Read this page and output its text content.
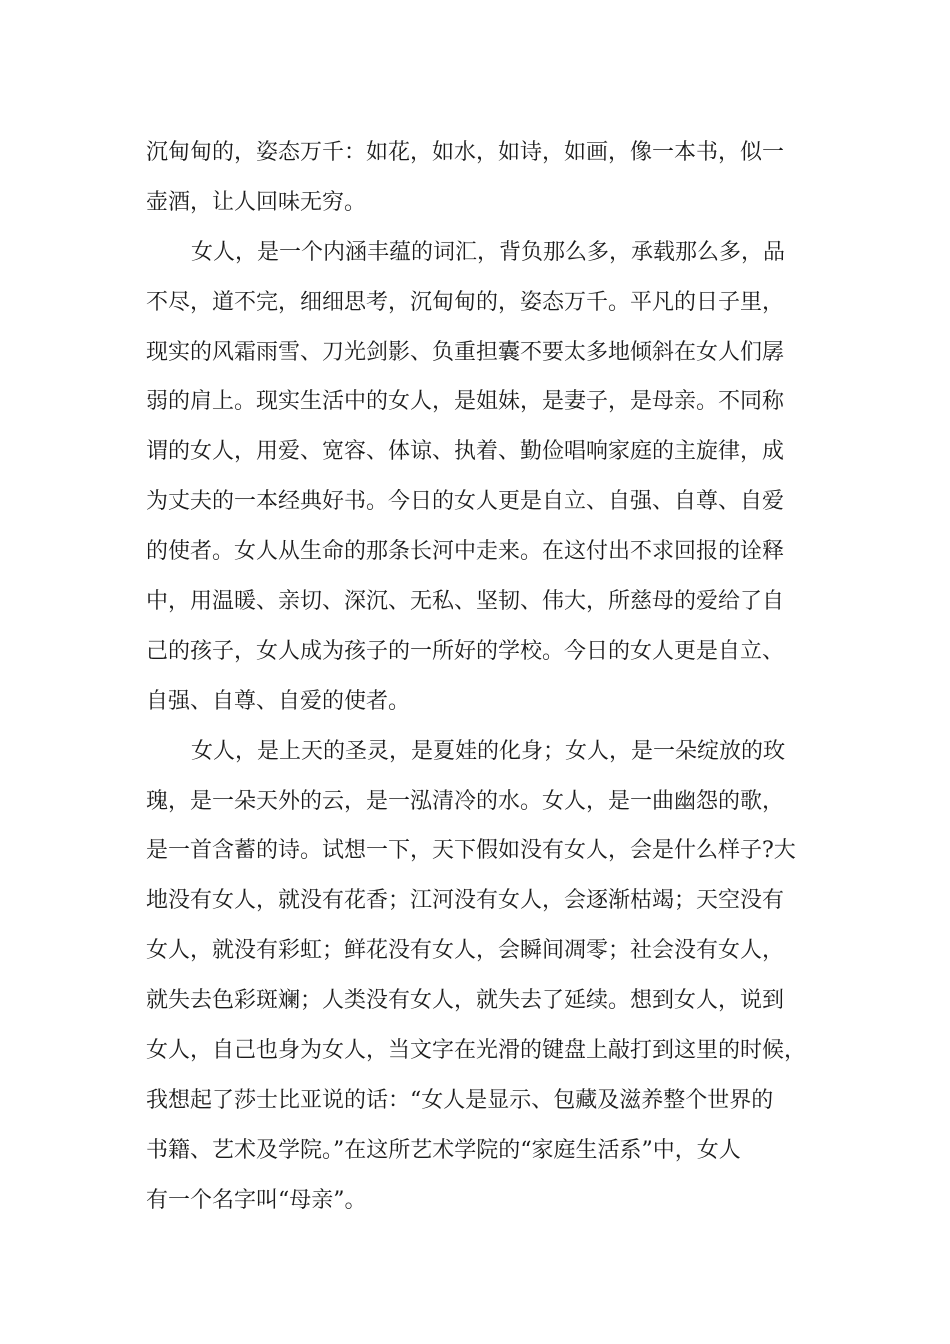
沉甸甸的，姿态万千：如花，如水，如诗，如画，像一本书，似一
壶酒，让人回味无穷。
女人，是一个内涵丰蕴的词汇，背负那么多，承载那么多，品
不尽，道不完，细细思考，沉甸甸的，姿态万千。平凡的日子里，
现实的风霜雨雪、刀光剑影、负重担囊不要太多地倾斜在女人们孱
弱的肩上。现实生活中的女人，是姐妹，是妻子，是母亲。不同称
谓的女人，用爱、宽容、体谅、执着、勤俭唱响家庭的主旋律，成
为丈夫的一本经典好书。今日的女人更是自立、自强、自尊、自爱
的使者。女人从生命的那条长河中走来。在这付出不求回报的诠释
中，用温暖、亲切、深沉、无私、坚韧、伟大，所慈母的爱给了自
己的孩子，女人成为孩子的一所好的学校。今日的女人更是自立、
自强、自尊、自爱的使者。
女人，是上天的圣灵，是夏娃的化身；女人，是一朵绽放的玫
瑰，是一朵天外的云，是一泓清冷的水。女人，是一曲幽怨的歌，
是一首含蓄的诗。试想一下，天下假如没有女人，会是什么样子?大
地没有女人，就没有花香；江河没有女人，会逐渐枯竭；天空没有
女人，就没有彩虹；鲜花没有女人，会瞬间凋零；社会没有女人，
就失去色彩斑斓；人类没有女人，就失去了延续。想到女人，说到
女人，自己也身为女人，当文字在光滑的键盘上敲打到这里的时候，
我想起了莎士比亚说的话：“女人是显示、包藏及滋养整个世界的
书籍、艺术及学院。”在这所艺术学院的“家庭生活系”中，女人
有一个名字叫“母亲”。
